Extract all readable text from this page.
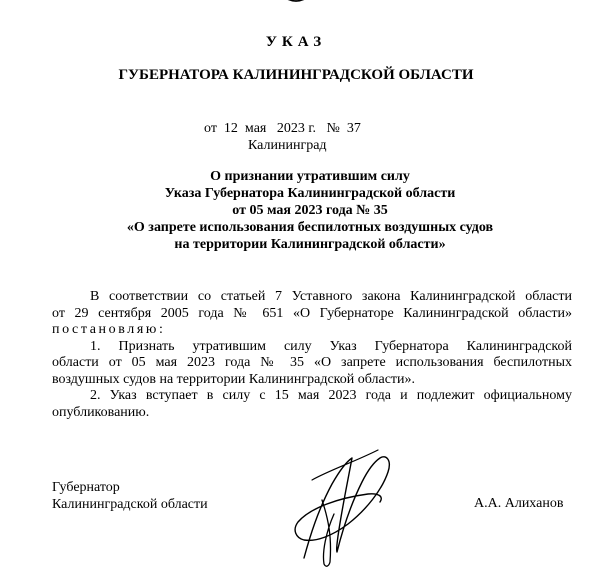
УКАЗ
ГУБЕРНАТОРА КАЛИНИНГРАДСКОЙ ОБЛАСТИ
от  12  мая   2023 г.   №  37
Калининград
О признании утратившим силу
Указа Губернатора Калининградской области
от 05 мая 2023 года № 35
«О запрете использования беспилотных воздушных судов
на территории Калининградской области»
В соответствии со статьей 7 Уставного закона Калининградской области
от 29 сентября 2005 года № 651 «О Губернаторе Калининградской области»
постановляю:
1. Признать утратившим силу Указ Губернатора Калининградской
области от 05 мая 2023 года № 35 «О запрете использования беспилотных
воздушных судов на территории Калининградской области».
2. Указ вступает в силу с 15 мая 2023 года и подлежит официальному
опубликованию.
Губернатор
Калининградской области	А.А. Алиханов
